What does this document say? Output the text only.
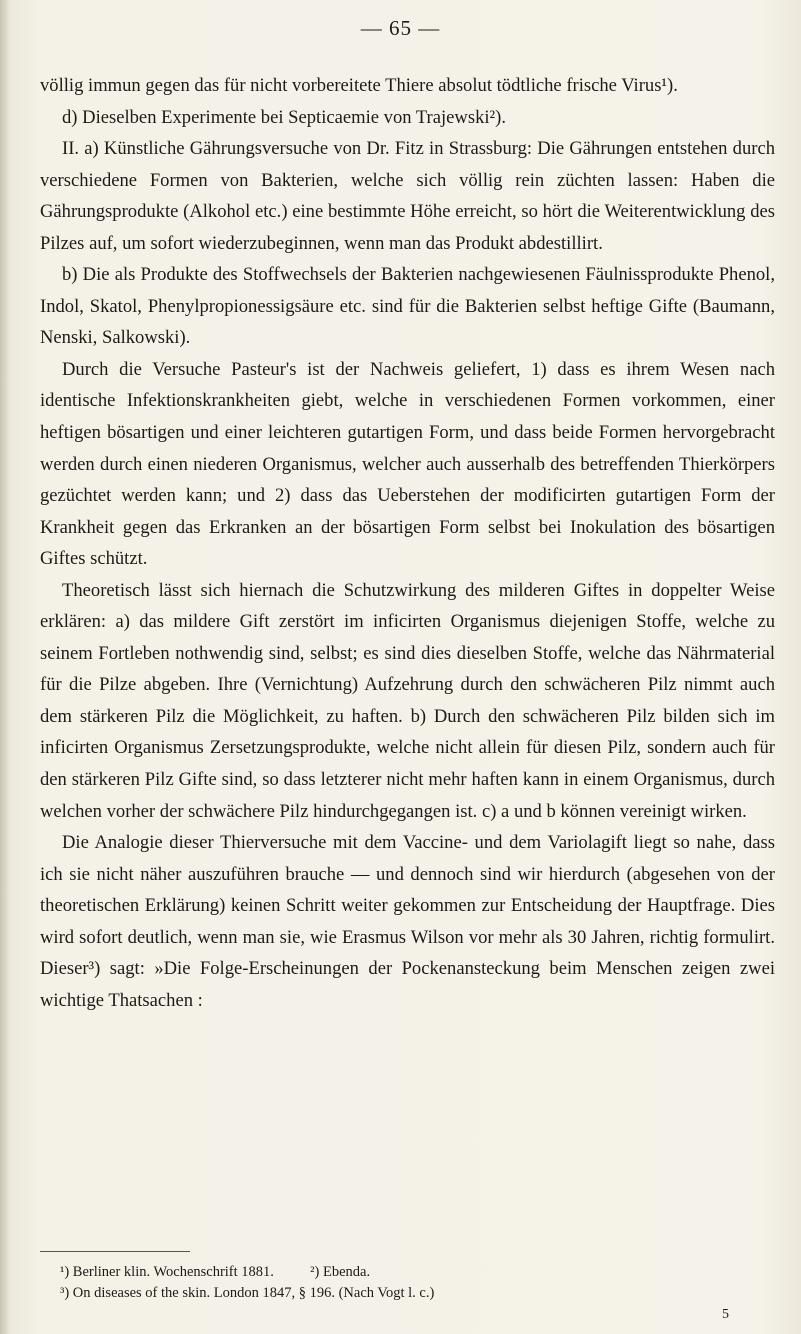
— 65 —

völlig immun gegen das für nicht vorbereitete Thiere absolut tödtliche frische Virus¹).

d) Dieselben Experimente bei Septicaemie von Trajewski²).

II. a) Künstliche Gährungsversuche von Dr. Fitz in Strassburg: Die Gährungen entstehen durch verschiedene Formen von Bakterien, welche sich völlig rein züchten lassen: Haben die Gährungsprodukte (Alkohol etc.) eine bestimmte Höhe erreicht, so hört die Weiterentwicklung des Pilzes auf, um sofort wiederzubeginnen, wenn man das Produkt abdestillirt.

b) Die als Produkte des Stoffwechsels der Bakterien nachgewiesenen Fäulnissprodukte Phenol, Indol, Skatol, Phenylpropionessigsäure etc. sind für die Bakterien selbst heftige Gifte (Baumann, Nenski, Salkowski).

Durch die Versuche Pasteur's ist der Nachweis geliefert, 1) dass es ihrem Wesen nach identische Infektionskrankheiten giebt, welche in verschiedenen Formen vorkommen, einer heftigen bösartigen und einer leichteren gutartigen Form, und dass beide Formen hervorgebracht werden durch einen niederen Organismus, welcher auch ausserhalb des betreffenden Thierkörpers gezüchtet werden kann; und 2) dass das Ueberstehen der modificirten gutartigen Form der Krankheit gegen das Erkranken an der bösartigen Form selbst bei Inokulation des bösartigen Giftes schützt.

Theoretisch lässt sich hiernach die Schutzwirkung des milderen Giftes in doppelter Weise erklären: a) das mildere Gift zerstört im inficirten Organismus diejenigen Stoffe, welche zu seinem Fortleben nothwendig sind, selbst; es sind dies dieselben Stoffe, welche das Nährmaterial für die Pilze abgeben. Ihre (Vernichtung) Aufzehrung durch den schwächeren Pilz nimmt auch dem stärkeren Pilz die Möglichkeit, zu haften. b) Durch den schwächeren Pilz bilden sich im inficirten Organismus Zersetzungsprodukte, welche nicht allein für diesen Pilz, sondern auch für den stärkeren Pilz Gifte sind, so dass letzterer nicht mehr haften kann in einem Organismus, durch welchen vorher der schwächere Pilz hindurchgegangen ist. c) a und b können vereinigt wirken.

Die Analogie dieser Thierversuche mit dem Vaccine- und dem Variolagift liegt so nahe, dass ich sie nicht näher auszuführen brauche — und dennoch sind wir hierdurch (abgesehen von der theoretischen Erklärung) keinen Schritt weiter gekommen zur Entscheidung der Hauptfrage. Dies wird sofort deutlich, wenn man sie, wie Erasmus Wilson vor mehr als 30 Jahren, richtig formulirt. Dieser³) sagt: »Die Folge-Erscheinungen der Pockenansteckung beim Menschen zeigen zwei wichtige Thatsachen :

¹) Berliner klin. Wochenschrift 1881.          ²) Ebenda.

³) On diseases of the skin. London 1847, § 196. (Nach Vogt l. c.)

5
